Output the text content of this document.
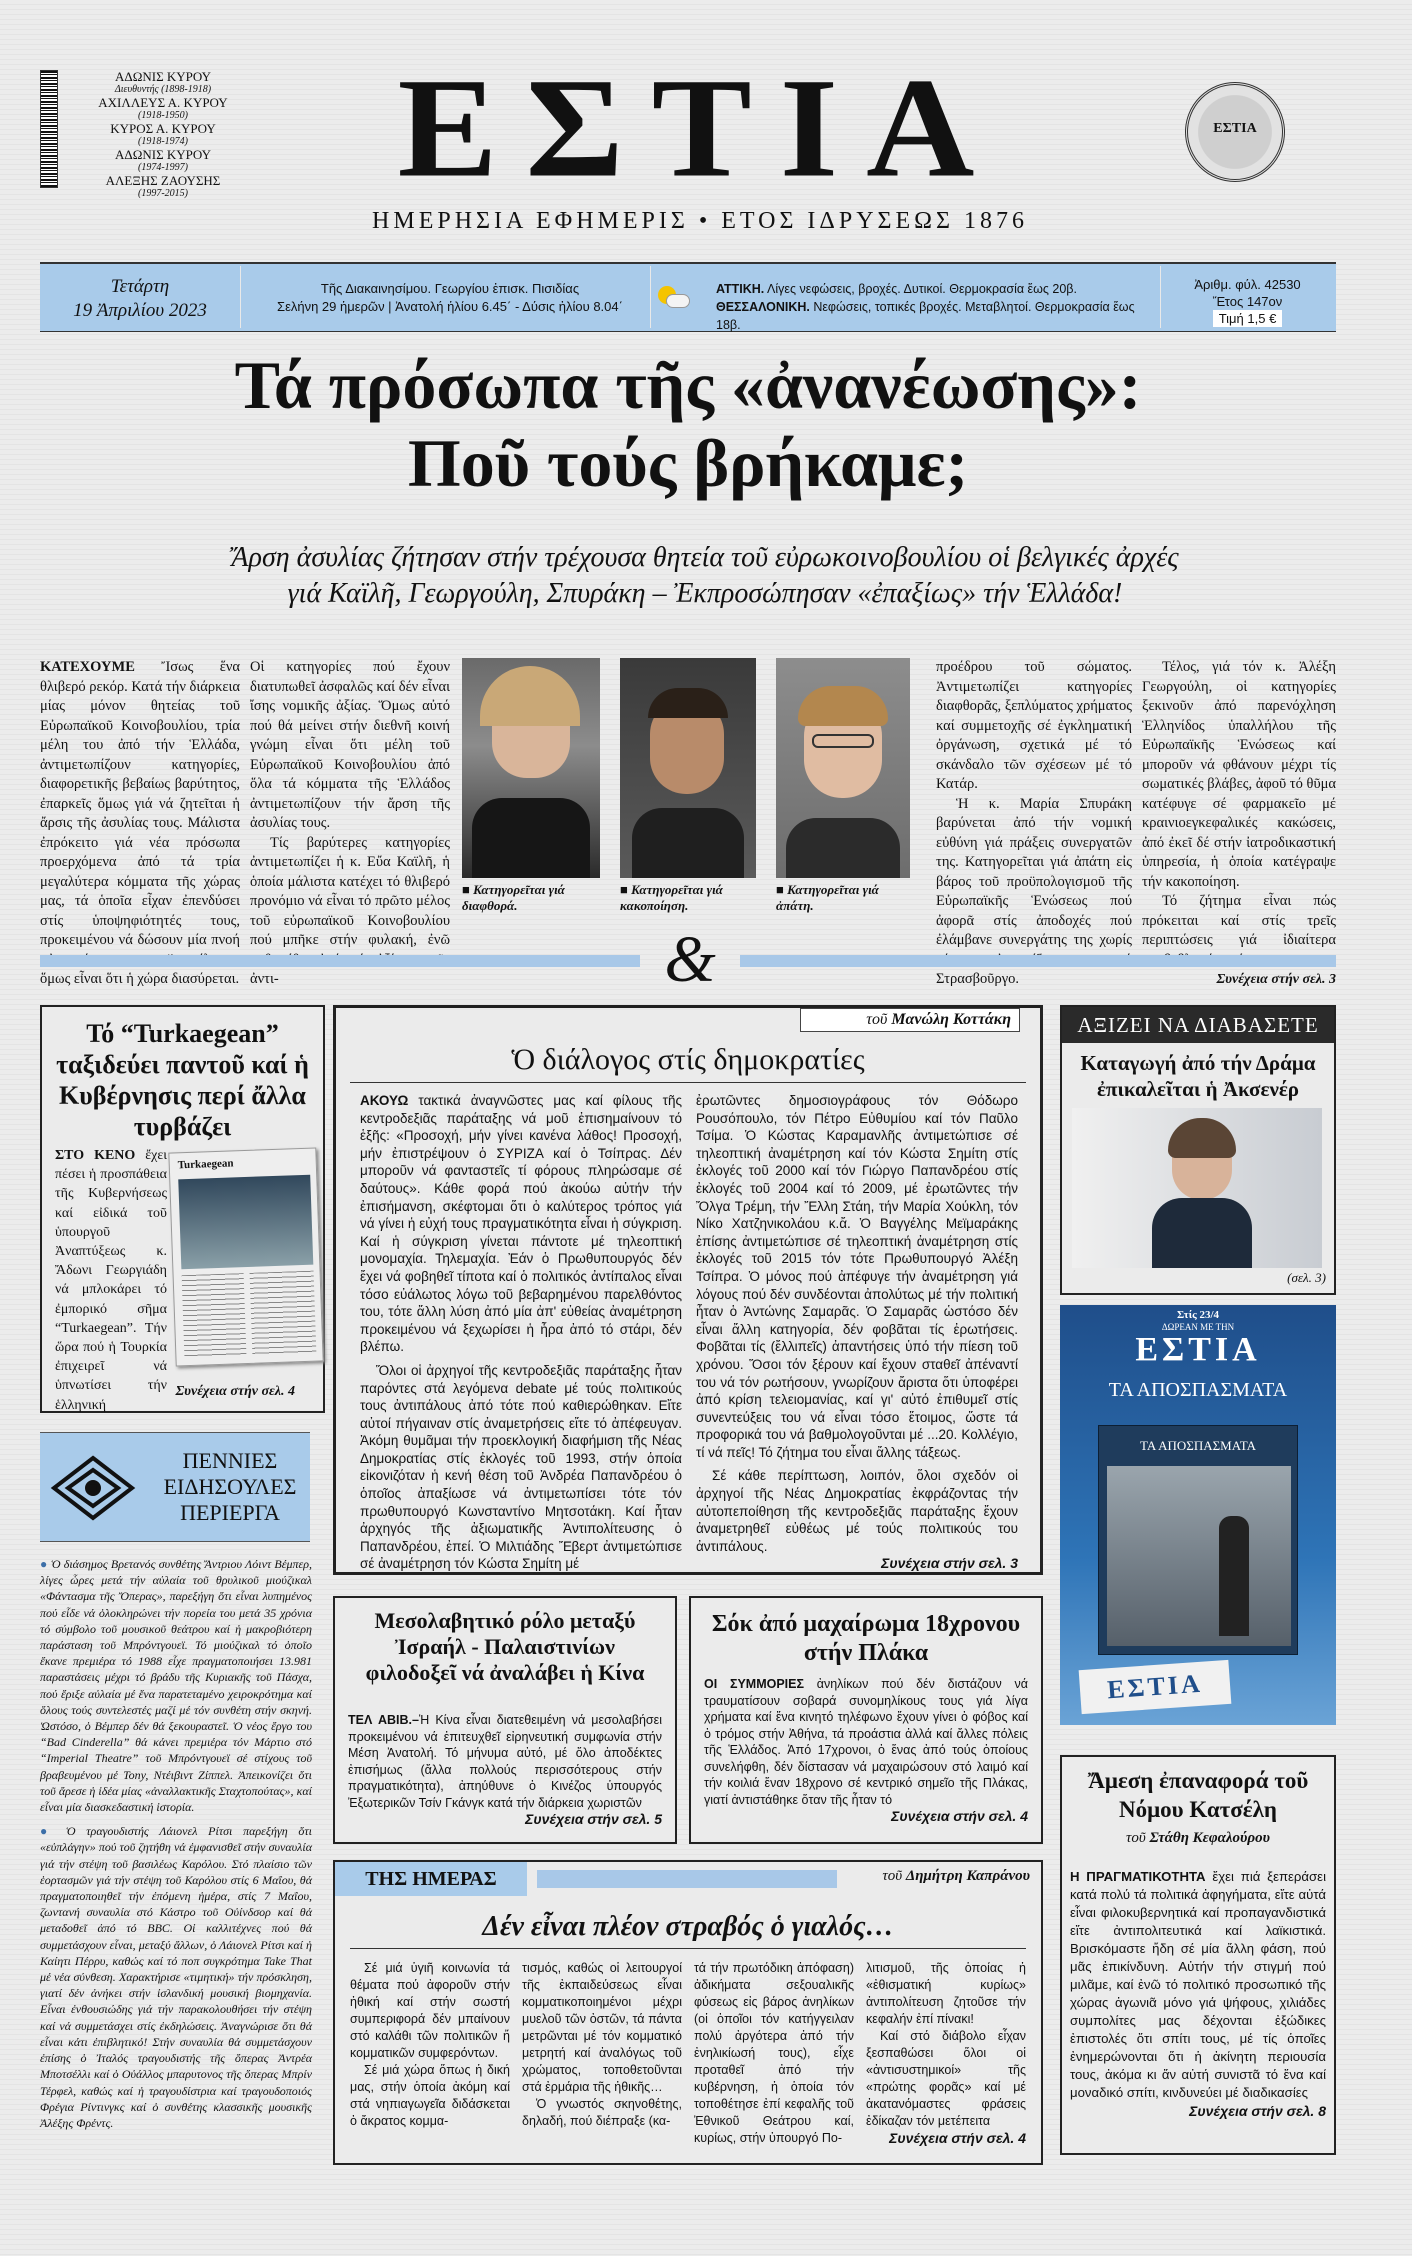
ΑΔΩΝΙΣ ΚΥΡΟΥ
Διευθυντής (1898-1918)
ΑΧΙΛΛΕΥΣ Α. ΚΥΡΟΥ
(1918-1950)
ΚΥΡΟΣ Α. ΚΥΡΟΥ
(1918-1974)
ΑΔΩΝΙΣ ΚΥΡΟΥ
(1974-1997)
ΑΛΕΞΗΣ ΖΑΟΥΣΗΣ
(1997-2015)	ΕΣΤΙΑ
ΗΜΕΡΗΣΙΑ ΕΦΗΜΕΡΙΣ • ΕΤΟΣ ΙΔΡΥΣΕΩΣ 1876
ΕΣΤΙΑ
Τετάρτη
19 Ἀπριλίου 2023
Τῆς Διακαινησίμου. Γεωργίου ἐπισκ. Πισιδίας
Σελήνη 29 ἡμερῶν | Ἀνατολή ἡλίου 6.45΄ - Δύσις ἡλίου 8.04΄
ΑΤΤΙΚΗ. Λίγες νεφώσεις, βροχές. Δυτικοί. Θερμοκρασία ἕως 20β.
ΘΕΣΣΑΛΟΝΙΚΗ. Νεφώσεις, τοπικές βροχές. Μεταβλητοί. Θερμοκρασία ἕως 18β.
Ἀριθμ. φύλ. 42530
Ἔτος 147ον
Τιμή 1,5 €
Τά πρόσωπα τῆς «ἀνανέωσης»:
Ποῦ τούς βρήκαμε;
Ἄρση ἀσυλίας ζήτησαν στήν τρέχουσα θητεία τοῦ εὐρωκοινοβουλίου οἱ βελγικές ἀρχές
γιά Καϊλῆ, Γεωργούλη, Σπυράκη – Ἐκπροσώπησαν «ἐπαξίως» τήν Ἑλλάδα!
ΚΑΤΕΧΟΥΜΕ Ἴσως ἕνα θλιβερό ρεκόρ. Κατά τήν διάρκεια μίας μόνον θητείας τοῦ Εὐρωπαϊκοῦ Κοινοβουλίου, τρία μέλη του ἀπό τήν Ἑλλάδα, ἀντιμετωπίζουν κατηγορίες, διαφορετικῆς βεβαίως βαρύτητος, ἐπαρκεῖς ὅμως γιά νά ζητεῖται ἡ ἄρσις τῆς ἀσυλίας τους. Μάλιστα ἐπρόκειτο γιά νέα πρόσωπα προερχόμενα ἀπό τά τρία μεγαλύτερα κόμματα τῆς χώρας μας, τά ὁποῖα εἶχαν ἐπενδύσει στίς ὑποψηφιότητές τους, προκειμένου νά δώσουν μία πνοή ὅμως εἶναι ὅτι ἡ χώρα διασύρεται.

Οἱ κατηγορίες πού ἔχουν διατυπωθεῖ ἀσφαλῶς καί δέν εἶναι ἴσης νομικῆς ἀξίας. Ὅμως αὐτό πού θά μείνει στήν διεθνῆ κοινή γνώμη εἶναι ὅτι μέλη τοῦ Εὐρωπαϊκοῦ Κοινοβουλίου ἀπό ὅλα τά κόμματα τῆς Ἑλλάδος ἀντιμετωπίζουν τήν ἄρση τῆς ἀσυλίας τους.

Τίς βαρύτερες κατηγορίες ἀντιμετωπίζει ἡ κ. Εὔα Καϊλῆ, ἡ ὁποία μάλιστα κατέχει τό θλιβερό προνόμιο νά εἶναι τό πρῶτο μέλος τοῦ εὐρωπαϊκοῦ Κοινοβουλίου πού μπῆκε στήν φυλακή, ἐνῶ ἀντι-

■ Κατηγορεῖται γιά διαφθορά.
■ Κατηγορεῖται γιά κακοποίηση.
■ Κατηγορεῖται γιά ἀπάτη.

προέδρου τοῦ σώματος. Ἀντιμετωπίζει κατηγορίες διαφθορᾶς, ξεπλύματος χρήματος καί συμμετοχῆς σέ ἐγκληματική ὀργάνωση, σχετικά μέ τό σκάνδαλο τῶν σχέσεων μέ τό Κατάρ.

Ἡ κ. Μαρία Σπυράκη βαρύνεται ἀπό τήν νομική εὐθύνη γιά πράξεις συνεργατῶν της. Κατηγορεῖται γιά ἀπάτη εἰς βάρος τοῦ προϋπολογισμοῦ τῆς Εὐρωπαϊκῆς Ἑνώσεως πού ἀφορᾶ στίς ἀποδοχές πού ἐλάμβανε συνεργάτης της χωρίς Στρασβοῦργο.

Τέλος, γιά τόν κ. Ἀλέξη Γεωργούλη, οἱ κατηγορίες ξεκινοῦν ἀπό παρενόχληση Ἑλληνίδος ὑπαλλήλου τῆς Εὐρωπαϊκῆς Ἑνώσεως καί μποροῦν νά φθάνουν μέχρι τίς σωματικές βλάβες, ἀφοῦ τό θῦμα κατέφυγε σέ φαρμακεῖο μέ κραινιοεγκεφαλικές κακώσεις, ἀπό ἐκεῖ δέ στήν ἰατροδικαστική ὑπηρεσία, ἡ ὁποία κατέγραψε τήν κακοποίηση.

Τό ζήτημα εἶναι πώς πρόκειται καί στίς τρεῖς περιπτώσεις γιά ἰδιαίτερα

Συνέχεια στήν σελ. 3
&
Τό “Turkaegean” ταξιδεύει παντοῦ καί ἡ Κυβέρνησις περί ἄλλα τυρβάζει
ΣΤΟ ΚΕΝΟ ἔχει πέσει ἡ προσπάθεια τῆς Κυβερνήσεως καί εἰδικά τοῦ ὑπουργοῦ Ἀναπτύξεως κ. Ἄδωνι Γεωργιάδη νά μπλοκάρει τό ἐμπορικό σῆμα “Turkaegean”. Τήν ὥρα πού ἡ Τουρκία ἐπιχειρεῖ νά ὑπνωτίσει τήν ἑλληνική
Turkaegean
Συνέχεια στήν σελ. 4
τοῦ Μανώλη Κοττάκη
Ὁ διάλογος στίς δημοκρατίες

ΑΚΟΥΩ τακτικά ἀναγνῶστες μας καί φίλους τῆς κεντροδεξιᾶς παράταξης νά μοῦ ἐπισημαίνουν τό ἑξῆς: «Προσοχή, μήν γίνει κανένα λάθος! Προσοχή, μήν ἐπιστρέψουν ὁ ΣΥΡΙΖΑ καί ὁ Τσίπρας. Δέν μποροῦν νά φανταστεῖς τί φόρους πληρώσαμε σέ δαύτους». Κάθε φορά πού ἀκούω αὐτήν τήν ἐπισήμανση, σκέφτομαι ὅτι ὁ καλύτερος τρόπος γιά νά γίνει ἡ εὐχή τους πραγματικότητα εἶναι ἡ σύγκριση. Καί ἡ σύγκριση γίνεται πάντοτε μέ τηλεοπτική μονομαχία. Τηλεμαχία. Ἐάν ὁ Πρωθυπουργός δέν ἔχει νά φοβηθεῖ τίποτα καί ὁ πολιτικός ἀντίπαλος εἶναι τόσο εὐάλωτος λόγω τοῦ βεβαρημένου παρελθόντος του, τότε ἄλλη λύση ἀπό μία ἀπ' εὐθείας ἀναμέτρηση προκειμένου νά ξεχωρίσει ἡ ἦρα ἀπό τό στάρι, δέν βλέπω.

Ὅλοι οἱ ἀρχηγοί τῆς κεντροδεξιᾶς παράταξης ἦταν παρόντες στά λεγόμενα debate μέ τούς πολιτικούς τους ἀντιπάλους ἀπό τότε πού καθιερώθηκαν. Εἴτε αὐτοί πήγαιναν στίς ἀναμετρήσεις εἴτε τό ἀπέφευγαν. Ἀκόμη θυμᾶμαι τήν προεκλογική διαφήμιση τῆς Νέας Δημοκρατίας στίς ἐκλογές τοῦ 1993, στήν ὁποία εἰκονιζόταν ἡ κενή θέση τοῦ Ἀνδρέα Παπανδρέου ὁ ὁποῖος ἀπαξίωσε νά ἀντιμετωπίσει τότε τόν πρωθυπουργό Κωνσταντίνο Μητσοτάκη. Καί ἦταν ἀρχηγός τῆς ἀξιωματικῆς Ἀντιπολίτευσης ὁ Παπανδρέου, ἐπεί. Ὁ Μιλτιάδης Ἔβερτ ἀντιμετώπισε σέ ἀναμέτρηση τόν Κώστα Σημίτη μέ

ἐρωτῶντες δημοσιογράφους τόν Θόδωρο Ρουσόπουλο, τόν Πέτρο Εὐθυμίου καί τόν Παῦλο Τσίμα. Ὁ Κώστας Καραμανλῆς ἀντιμετώπισε σέ τηλεοπτική ἀναμέτρηση καί τόν Κώστα Σημίτη στίς ἐκλογές τοῦ 2000 καί τόν Γιώργο Παπανδρέου στίς ἐκλογές τοῦ 2004 καί τό 2009, μέ ἐρωτῶντες τήν Ὄλγα Τρέμη, τήν Ἔλλη Στάη, τήν Μαρία Χούκλη, τόν Νίκο Χατζηνικολάου κ.ἄ. Ὁ Βαγγέλης Μεϊμαράκης ἐπίσης ἀντιμετώπισε σέ τηλεοπτική ἀναμέτρηση στίς ἐκλογές τοῦ 2015 τόν τότε Πρωθυπουργό Ἀλέξη Τσίπρα. Ὁ μόνος πού ἀπέφυγε τήν ἀναμέτρηση γιά λόγους πού δέν συνδέονται ἀπολύτως μέ τήν πολιτική ἦταν ὁ Ἀντώνης Σαμαρᾶς. Ὁ Σαμαρᾶς ὡστόσο δέν εἶναι ἄλλη κατηγορία, δέν φοβᾶται τίς ἐρωτήσεις. Φοβᾶται τίς (ἔλλιπεῖς) ἀπαντήσεις ὑπό τήν πίεση τοῦ χρόνου. Ὅσοι τόν ξέρουν καί ἔχουν σταθεῖ ἀπέναντί του νά τόν ρωτήσουν, γνωρίζουν ἄριστα ὅτι ὑποφέρει ἀπό κρίση τελειομανίας, καί γι' αὐτό ἐπιθυμεῖ στίς συνεντεύξεις του νά εἶναι τόσο ἕτοιμος, ὥστε τά προφορικά του νά βαθμολογοῦνται μέ ...20. Κολλέγιο, τί νά πεῖς! Τό ζήτημα του εἶναι ἄλλης τάξεως.

Σέ κάθε περίπτωση, λοιπόν, ὅλοι σχεδόν οἱ ἀρχηγοί τῆς Νέας Δημοκρατίας ἐκφράζοντας τήν αὐτοπεποίθηση τῆς κεντροδεξιᾶς παράταξης ἔχουν ἀναμετρηθεῖ εὐθέως μέ τούς πολιτικούς του ἀντιπάλους.

Συνέχεια στήν σελ. 3
ΑΞΙΖΕΙ ΝΑ ΔΙΑΒΑΣΕΤΕ
Καταγωγή ἀπό τήν Δράμα ἐπικαλεῖται ἡ Ἀκσενέρ
(σελ. 3)
Στίς 23/4
ΔΩΡΕΑΝ ΜΕ ΤΗΝ
ΕΣΤΙΑ
ΤΑ ΑΠΟΣΠΑΣΜΑΤΑ
ΤΑ ΑΠΟΣΠΑΣΜΑΤΑ
ΕΣΤΙΑ
Ἄμεση ἐπαναφορά τοῦ Νόμου Κατσέλη
τοῦ Στάθη Κεφαλούρου
Η ΠΡΑΓΜΑΤΙΚΟΤΗΤΑ ἔχει πιά ξεπεράσει κατά πολύ τά πολιτικά ἀφηγήματα, εἴτε αὐτά εἶναι φιλοκυβερνητικά καί προπαγανδιστικά εἴτε ἀντιπολιτευτικά καί λαϊκιστικά. Βρισκόμαστε ἤδη σέ μία ἄλλη φάση, πού μᾶς ἐπικίνδυνη. Αὐτήν τήν στιγμή πού μιλᾶμε, καί ἐνῶ τό πολιτικό προσωπικό τῆς χώρας ἀγωνιᾶ μόνο γιά ψήφους, χιλιάδες συμπολίτες μας δέχονται ἐξώδικες ἐπιστολές ὅτι σπίτι τους, μέ τίς ὁποῖες ἐνημερώνονται ὅτι ἡ ἀκίνητη περιουσία τους, ἀκόμα κι ἄν αὐτή συνιστᾶ τό ἕνα καί μοναδικό σπίτι, κινδυνεύει μέ διαδικασίες
Συνέχεια στήν σελ. 8
ΠΕΝΝΙΕΣ
ΕΙΔΗΣΟΥΛΕΣ
ΠΕΡΙΕΡΓΑ

● Ὁ διάσημος Βρετανός συνθέτης Ἄντριου Λόιντ Βέμπερ, λίγες ὧρες μετά τήν αὐλαία τοῦ θρυλικοῦ μιούζικαλ «Φάντασμα τῆς Ὄπερας», παρεξήγη ὅτι εἶναι λυπημένος πού εἶδε νά ὁλοκληρώνει τήν πορεία του μετά 35 χρόνια τό σύμβολο τοῦ μουσικοῦ θεάτρου καί ἡ μακροβιότερη παράσταση τοῦ Μπρόντγουεϊ. Τό μιούζικαλ τό ὁποῖο ἔκανε πρεμιέρα τό 1988 εἶχε πραγματοποιήσει 13.981 παραστάσεις μέχρι τό βράδυ τῆς Κυριακῆς τοῦ Πάσχα, πού ἔριξε αὐλαία μέ ἕνα παρατεταμένο χειροκρότημα καί ὅλους τούς συντελεστές μαζί μέ τόν συνθέτη στήν σκηνή. Ὡστόσο, ὁ Βέμπερ δέν θά ξεκουραστεῖ. Ὁ νέος ἔργο του “Bad Cinderella” θά κάνει πρεμιέρα τόν Μάρτιο στό “Imperial Theatre” τοῦ Μπρόντγουεϊ σέ στίχους τοῦ βραβευμένου μέ Tony, Ντέιβιντ Ζίππελ. Ἀπεικονίζει ὅτι τοῦ ἄρεσε ἡ ἰδέα μίας «ἀναλλακτικῆς Σταχτοπούτας», καί εἶναι μία διασκεδαστική ἱστορία.

● Ὁ τραγουδιστής Λάιονελ Ρίτσι παρεξήγη ὅτι «εὐπλάγην» πού τοῦ ζητήθη νά ἐμφανισθεῖ στήν συναυλία γιά τήν στέψη τοῦ βασιλέως Καρόλου. Στό πλαίσιο τῶν ἑορτασμῶν γιά τήν στέψη τοῦ Καρόλου στίς 6 Μαΐου, θά πραγματοποιηθεῖ τήν ἐπόμενη ἡμέρα, στίς 7 Μαΐου, ζωντανή συναυλία στό Κάστρο τοῦ Οὐίνδσορ καί θά μεταδοθεῖ ἀπό τό BBC. Οἱ καλλιτέχνες πού θά συμμετάσχουν εἶναι, μεταξύ ἄλλων, ὁ Λάιονελ Ρίτσι καί ἡ Καίητι Πέρρυ, καθώς καί τό ποπ συγκρότημα Take That μέ νέα σύνθεση. Χαρακτήρισε «τιμητική» τήν πρόσκληση, γιατί δέν ἀνήκει στήν ἰσλανδική μουσική βιομηχανία. Εἶναι ἐνθουσιώδης γιά τήν παρακολουθήσει τήν στέψη καί νά συμμετάσχει στίς ἐκδηλώσεις. Ἀναγνώρισε ὅτι θά εἶναι κάτι ἐπιβλητικό! Στήν συναυλία θά συμμετάσχουν ἐπίσης ὁ Ἰταλός τραγουδιστής τῆς ὄπερας Ἀντρέα Μποτσέλλι καί ὁ Οὐάλλος μπαρυτονος τῆς ὄπερας Μπρίν Τέρφελ, καθώς καί ἡ τραγουδίστρια καί τραγουδοποιός Φρέγια Ρίντινγκς καί ὁ συνθέτης κλασσικῆς μουσικῆς Ἀλέξης Φρέντς.

Μεσολαβητικό ρόλο μεταξύ Ἰσραήλ - Παλαιστινίων φιλοδοξεῖ νά ἀναλάβει ἡ Κίνα
ΤΕΛ ΑΒΙΒ.–Ἡ Κίνα εἶναι διατεθειμένη νά μεσολαβήσει προκειμένου νά ἐπιτευχθεῖ εἰρηνευτική συμφωνία στήν Μέση Ἀνατολή. Τό μήνυμα αὐτό, μέ ὅλο ἀποδέκτες ἐπισήμως (ἄλλα πολλούς περισσότερους στήν πραγματικότητα), ἀπηύθυνε ὁ Κινέζος ὑπουργός Ἐξωτερικῶν Τσίν Γκάνγκ κατά τήν διάρκεια χωριστῶν
Συνέχεια στήν σελ. 5
Σόκ ἀπό μαχαίρωμα 18χρονου στήν Πλάκα
ΟΙ ΣΥΜΜΟΡΙΕΣ ἀνηλίκων πού δέν διστάζουν νά τραυματίσουν σοβαρά συνομηλίκους τους γιά λίγα χρήματα καί ἕνα κινητό τηλέφωνο ἔχουν γίνει ὁ φόβος καί ὁ τρόμος στήν Ἀθήνα, τά προάστια ἀλλά καί ἄλλες πόλεις τῆς Ἑλλάδος. Ἀπό 17χρονοι, ὁ ἕνας ἀπό τούς ὁποίους συνελήφθη, δέν δίστασαν νά μαχαιρώσουν στό λαιμό καί τήν κοιλιά ἕναν 18χρονο σέ κεντρικό σημεῖο τῆς Πλάκας, γιατί ἀντιστάθηκε ὅταν τῆς ἦταν τό
Συνέχεια στήν σελ. 4
ΤΗΣ ΗΜΕΡΑΣ	τοῦ Δημήτρη Καπράνου
Δέν εἶναι πλέον στραβός ὁ γιαλός…

Σέ μιά ὑγιῆ κοινωνία τά θέματα πού ἀφοροῦν στήν ἠθική καί στήν σωστή συμπεριφορά δέν μπαίνουν στό καλάθι τῶν πολιτικῶν ἤ κομματικῶν συμφερόντων.

Σέ μιά χώρα ὅπως ἡ δική μας, στήν ὁποία ἀκόμη καί στά νηπιαγωγεῖα διδάσκεται ὁ ἄκρατος κομμα-

τισμός, καθώς οἱ λειτουργοί τῆς ἐκπαιδεύσεως εἶναι κομματικοποιημένοι μέχρι μυελοῦ τῶν ὀστῶν, τά πάντα μετρῶνται μέ τόν κομματικό μετρητή καί ἀναλόγως τοῦ χρώματος, τοποθετοῦνται στά ἐρμάρια τῆς ἠθικῆς…

Ὁ γνωστός σκηνοθέτης, δηλαδή, πού διέπραξε (κα-

τά τήν πρωτόδικη ἀπόφαση) ἀδικήματα σεξουαλικῆς φύσεως εἰς βάρος ἀνηλίκων (οἱ ὁποῖοι τόν κατήγγειλαν πολύ ἀργότερα ἀπό τήν ἐνηλικίωσή τους), εἶχε προταθεῖ ἀπό τήν κυβέρνηση, ἡ ὁποία τόν τοποθέτησε ἐπί κεφαλῆς τοῦ Ἐθνικοῦ Θεάτρου καί, κυρίως, στήν ὑπουργό Πο-

λιτισμοῦ, τῆς ὁποίας ἡ «ἐθισματική κυρίως» ἀντιπολίτευση ζητοῦσε τήν κεφαλήν ἐπί πίνακι!

Καί στό διάβολο εἶχαν ξεσπαθώσει ὅλοι οἱ «ἀντισυστημικοί» τῆς «πρώτης φορᾶς» καί μέ ἀκατανόμαστες φράσεις ἐδίκαζαν τόν μετέπειτα

Συνέχεια στήν σελ. 4
